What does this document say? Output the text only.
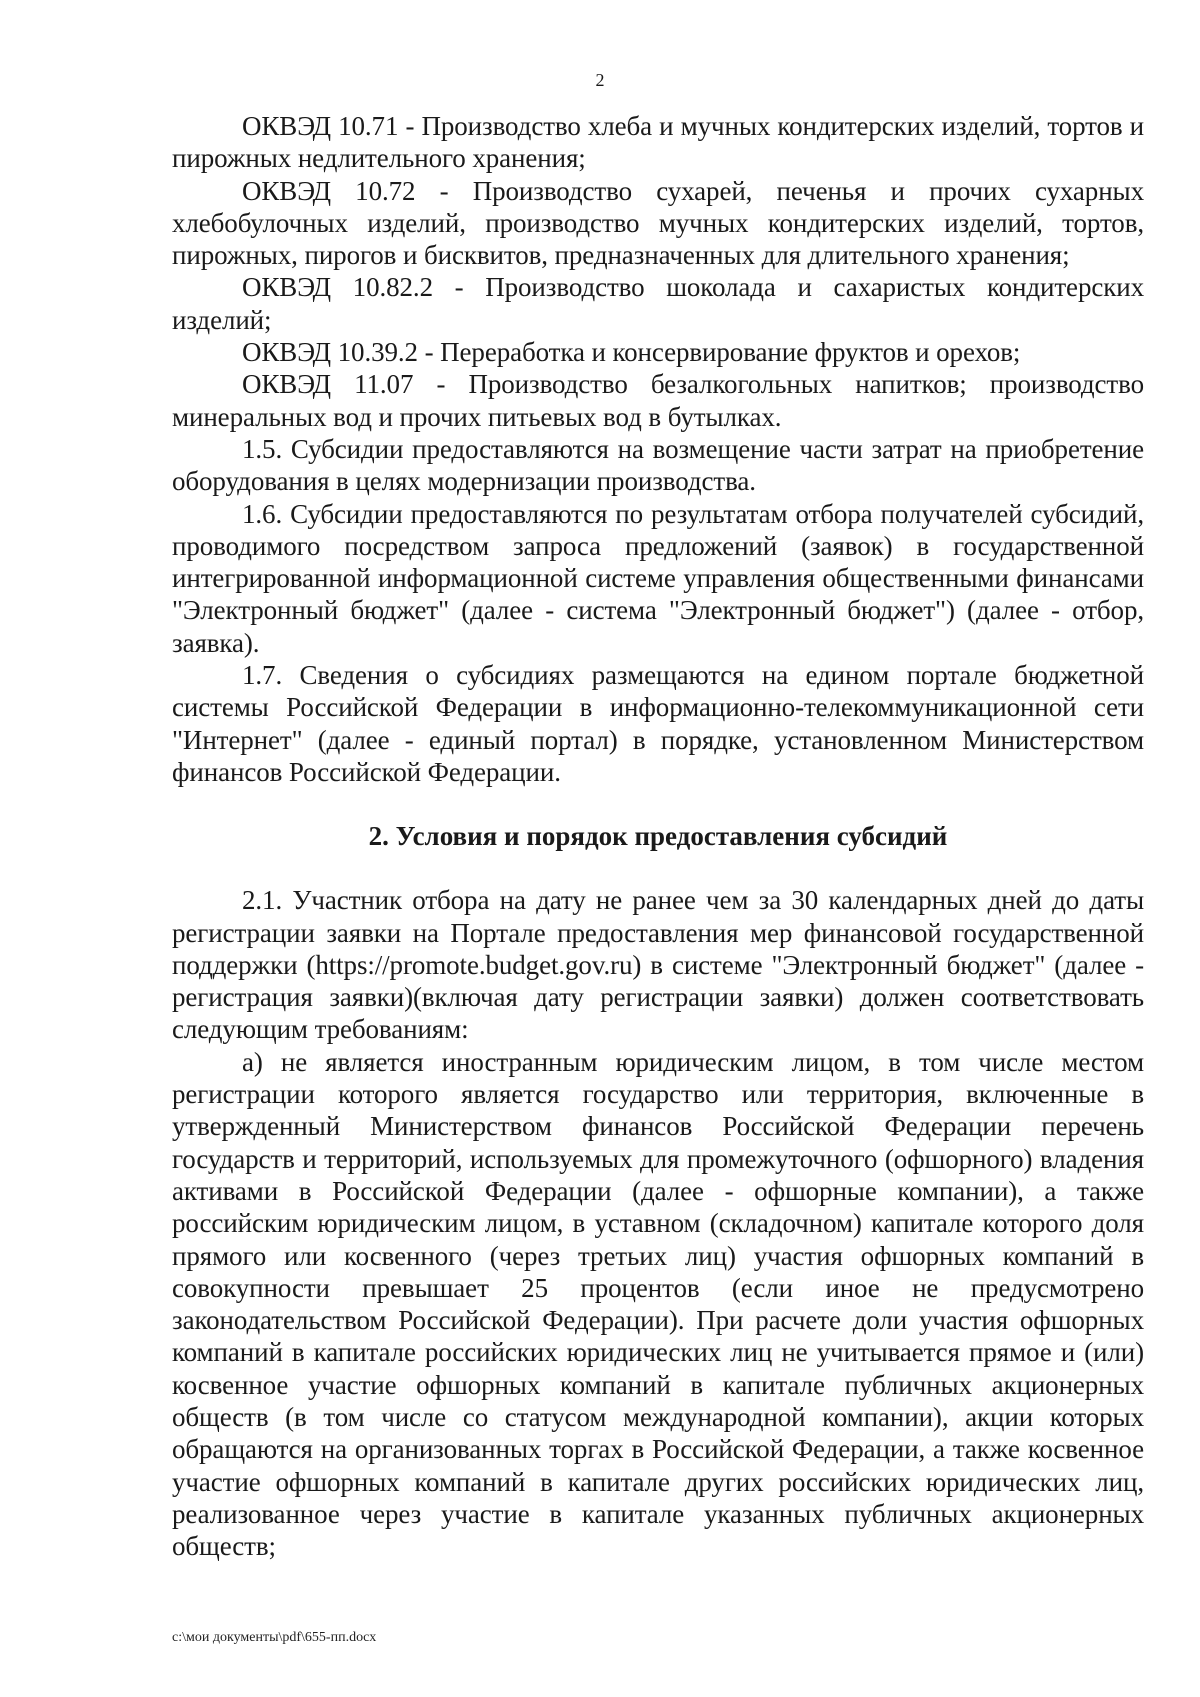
2

ОКВЭД 10.71 - Производство хлеба и мучных кондитерских изделий, тортов и пирожных недлительного хранения;

ОКВЭД 10.72 - Производство сухарей, печенья и прочих сухарных хлебобулочных изделий, производство мучных кондитерских изделий, тортов, пирожных, пирогов и бисквитов, предназначенных для длительного хранения;

ОКВЭД 10.82.2 - Производство шоколада и сахаристых кондитерских изделий;

ОКВЭД 10.39.2 - Переработка и консервирование фруктов и орехов;

ОКВЭД 11.07 - Производство безалкогольных напитков; производство минеральных вод и прочих питьевых вод в бутылках.

1.5. Субсидии предоставляются на возмещение части затрат на приобретение оборудования в целях модернизации производства.

1.6. Субсидии предоставляются по результатам отбора получателей субсидий, проводимого посредством запроса предложений (заявок) в государственной интегрированной информационной системе управления общественными финансами "Электронный бюджет" (далее - система "Электронный бюджет") (далее - отбор, заявка).

1.7. Сведения о субсидиях размещаются на едином портале бюджетной системы Российской Федерации в информационно-телекоммуникационной сети "Интернет" (далее - единый портал) в порядке, установленном Министерством финансов Российской Федерации.

2. Условия и порядок предоставления субсидий

2.1. Участник отбора на дату не ранее чем за 30 календарных дней до даты регистрации заявки на Портале предоставления мер финансовой государственной поддержки (https://promote.budget.gov.ru) в системе "Электронный бюджет" (далее - регистрация заявки)(включая дату регистрации заявки) должен соответствовать следующим требованиям:

а) не является иностранным юридическим лицом, в том числе местом регистрации которого является государство или территория, включенные в утвержденный Министерством финансов Российской Федерации перечень государств и территорий, используемых для промежуточного (офшорного) владения активами в Российской Федерации (далее - офшорные компании), а также российским юридическим лицом, в уставном (складочном) капитале которого доля прямого или косвенного (через третьих лиц) участия офшорных компаний в совокупности превышает 25 процентов (если иное не предусмотрено законодательством Российской Федерации). При расчете доли участия офшорных компаний в капитале российских юридических лиц не учитывается прямое и (или) косвенное участие офшорных компаний в капитале публичных акционерных обществ (в том числе со статусом международной компании), акции которых обращаются на организованных торгах в Российской Федерации, а также косвенное участие офшорных компаний в капитале других российских юридических лиц, реализованное через участие в капитале указанных публичных акционерных обществ;

c:\мои документы\pdf\655-пп.docx
